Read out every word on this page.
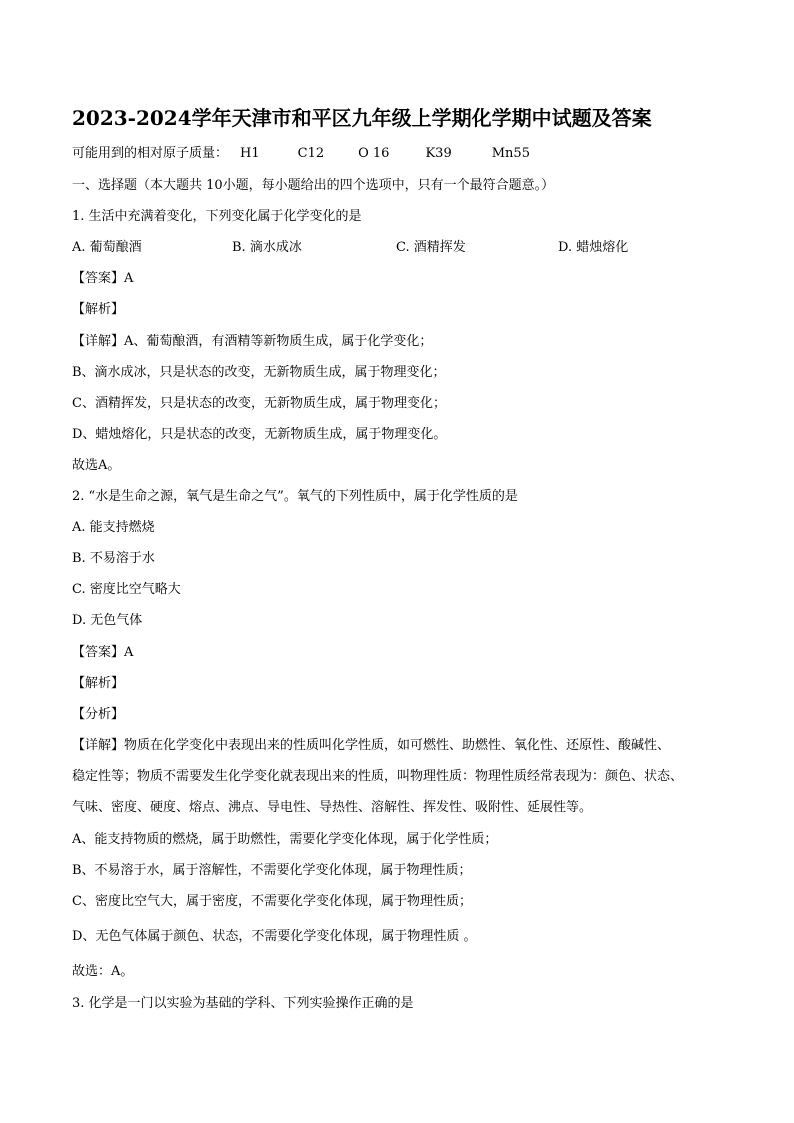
2023-2024学年天津市和平区九年级上学期化学期中试题及答案
可能用到的相对原子质量： H1	C12	O 16	K39	Mn55
一、选择题（本大题共 10小题，每小题给出的四个选项中，只有一个最符合题意。）
1. 生活中充满着变化，下列变化属于化学变化的是
A. 葡萄酿酒	B. 滴水成冰	C. 酒精挥发	D. 蜡烛熔化
【答案】A
【解析】
【详解】A、葡萄酿酒，有酒精等新物质生成，属于化学变化；
B、滴水成冰，只是状态的改变，无新物质生成，属于物理变化；
C、酒精挥发，只是状态的改变，无新物质生成，属于物理变化；
D、蜡烛熔化，只是状态的改变，无新物质生成，属于物理变化。
故选A。
2. “水是生命之源，氧气是生命之气”。氧气的下列性质中，属于化学性质的是
A. 能支持燃烧
B. 不易溶于水
C. 密度比空气略大
D. 无色气体
【答案】A
【解析】
【分析】
【详解】物质在化学变化中表现出来的性质叫化学性质，如可燃性、助燃性、氧化性、还原性、酸碱性、
稳定性等；物质不需要发生化学变化就表现出来的性质，叫物理性质：物理性质经常表现为：颜色、状态、
气味、密度、硬度、熔点、沸点、导电性、导热性、溶解性、挥发性、吸附性、延展性等。
A、能支持物质的燃烧，属于助燃性，需要化学变化体现，属于化学性质；
B、不易溶于水，属于溶解性，不需要化学变化体现，属于物理性质；
C、密度比空气大，属于密度，不需要化学变化体现，属于物理性质；
D、无色气体属于颜色、状态，不需要化学变化体现，属于物理性质 。
故选：A。
3. 化学是一门以实验为基础的学科、下列实验操作正确的是
